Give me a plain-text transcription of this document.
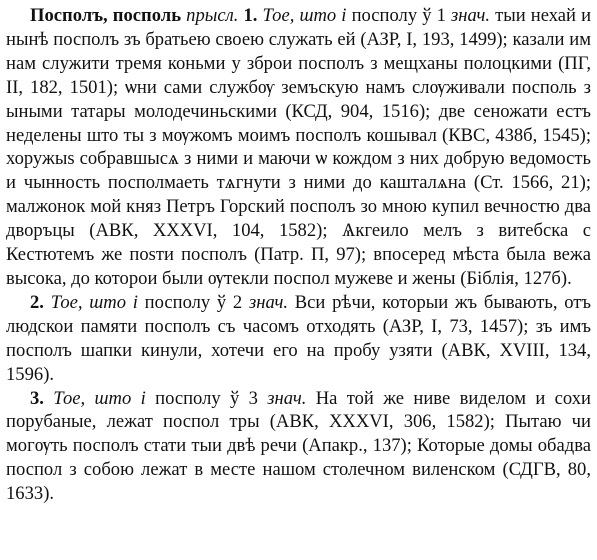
Посполъ, посполь прысл. 1. Тое, што і посполу ў 1 знач. тыи нехай и нынѣ посполъ зъ братьею своею служать ей (АЗР, I, 193, 1499); казали им нам служити тремя коньми у зброи посполъ з мещханы полоцкими (ПГ, II, 182, 1501); ѡни сами службѹ земъскую намъ слѹживали посполь з ыными татары молодечиньскими (КСД, 904, 1516); две сеножати естъ неделены што ты з мѹжомъ моимъ посполъ кошывал (КВС, 438б, 1545); хоружыѕ собравшысѧ з ними и маючи ѡ кождом з них добрую ведомость и чынность посполмаеть тѧгнути з ними до кашталѧна (Ст. 1566, 21); малжонок мой княз Петръ Горский посполъ зо мною купил вечностю два дворъцы (АВК, XXXVI, 104, 1582); Ѧкгеило мелъ з витебска с Кестютемъ же поѕти посполъ (Патр. П, 97); впосеред мѣста была вежа высока, до которои были ѹтекли поспол мужеве и жены (Біблія, 127б).

2. Тое, што і посполу ў 2 знач. Вси рѣчи, которыи жъ бывають, отъ людскои памяти посполъ съ часомъ отходять (АЗР, I, 73, 1457); зъ имъ посполъ шапки кинули, хотечи его на пробу узяти (АВК, XVIII, 134, 1596).

3. Тое, што і посполу ў 3 знач. На той же ниве виделом и сохи порубаные, лежат поспол тры (АВК, XXXVI, 306, 1582); Пытаю чи могѹть посполъ стати тыи двѣ речи (Апакр., 137); Которые домы обадва поспол з собою лежат в месте нашом столечном виленском (СДГВ, 80, 1633).
